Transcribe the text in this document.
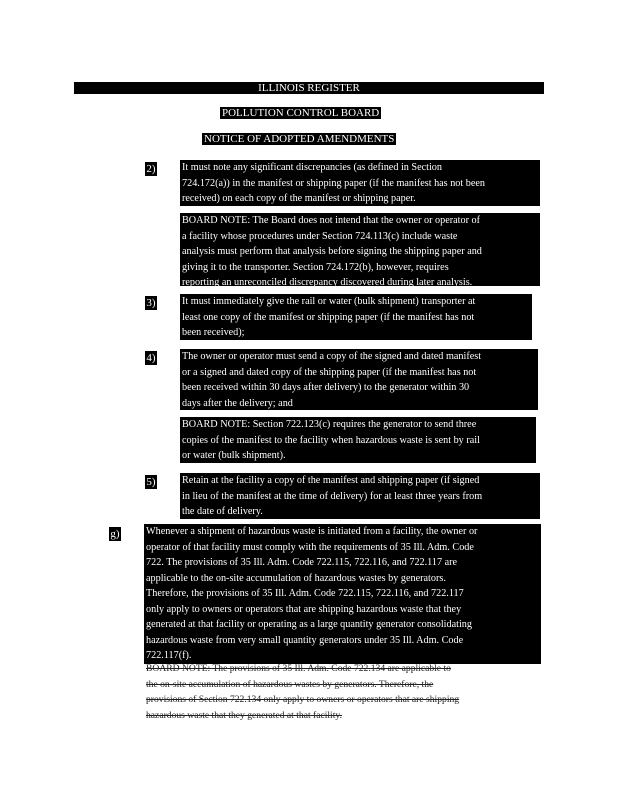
ILLINOIS REGISTER
POLLUTION CONTROL BOARD
NOTICE OF ADOPTED AMENDMENTS
2)	It must note any significant discrepancies (as defined in Section
724.172(a)) in the manifest or shipping paper (if the manifest has not been
received) on each copy of the manifest or shipping paper.
BOARD NOTE: The Board does not intend that the owner or operator of
a facility whose procedures under Section 724.113(c) include waste
analysis must perform that analysis before signing the shipping paper and
giving it to the transporter. Section 724.172(b), however, requires
reporting an unreconciled discrepancy discovered during later analysis.
3)	It must immediately give the rail or water (bulk shipment) transporter at
least one copy of the manifest or shipping paper (if the manifest has not
been received);
4)	The owner or operator must send a copy of the signed and dated manifest
or a signed and dated copy of the shipping paper (if the manifest has not
been received within 30 days after delivery) to the generator within 30
days after the delivery; and
BOARD NOTE: Section 722.123(c) requires the generator to send three
copies of the manifest to the facility when hazardous waste is sent by rail
or water (bulk shipment).
5)	Retain at the facility a copy of the manifest and shipping paper (if signed
in lieu of the manifest at the time of delivery) for at least three years from
the date of delivery.
g)	Whenever a shipment of hazardous waste is initiated from a facility, the owner or
operator of that facility must comply with the requirements of 35 Ill. Adm. Code
722. The provisions of 35 Ill. Adm. Code 722.115, 722.116, and 722.117 are
applicable to the on-site accumulation of hazardous wastes by generators.
Therefore, the provisions of 35 Ill. Adm. Code 722.115, 722.116, and 722.117
only apply to owners or operators that are shipping hazardous waste that they
generated at that facility or operating as a large quantity generator consolidating
hazardous waste from very small quantity generators under 35 Ill. Adm. Code
722.117(f).
BOARD NOTE: The provisions of 35 Ill. Adm. Code 722.134 are applicable to
the on-site accumulation of hazardous wastes by generators. Therefore, the
provisions of Section 722.134 only apply to owners or operators that are shipping
hazardous waste that they generated at that facility.
